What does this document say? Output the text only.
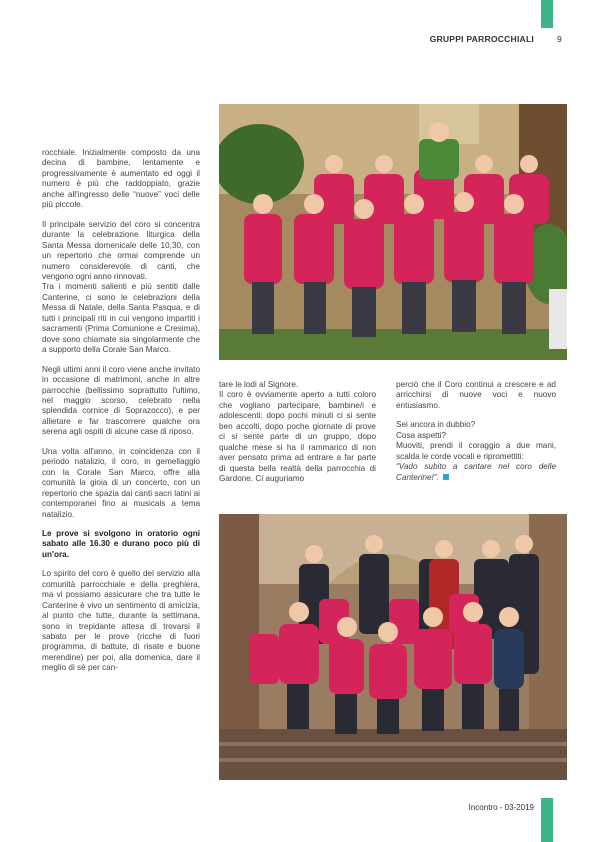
GRUPPI PARROCCHIALI	9

rocchiale. Inizialmente composto da una decina di bambine, lentamente e progressivamente è aumentato ed oggi il numero è più che raddoppiato, grazie anche all'ingresso delle “nuove” voci delle più piccole.

Il principale servizio del coro si concentra durante la celebrazione liturgica della Santa Messa domenicale delle 10,30, con un repertorio che ormai comprende un numero considerevole di canti, che vengono ogni anno rinnovati.

Tra i momenti salienti e più sentiti dalle Canterine, ci sono le celebrazioni della Messa di Natale, della Santa Pasqua, e di tutti i principali riti in cui vengono impartiti i sacramenti (Prima Comunione e Cresima), dove sono chiamate sia singolarmente che a supporto della Corale San Marco.

Negli ultimi anni il coro viene anche invitato in occasione di matrimoni, anche in altre parrocchie (bellissimo soprattutto l'ultimo, nel maggio scorso, celebrato nella splendida cornice di Soprazocco), e per allietare e far trascorrere qualche ora serena agli ospiti di alcune case di riposo.

Una volta all'anno, in coincidenza con il periodo natalizio, il coro, in gemellaggio con la Corale San Marco, offre alla comunità la gioia di un concerto, con un repertorio che spazia dai canti sacri latini ai contemporanei fino ai musicals a tema natalizio.

Le prove si svolgono in oratorio ogni sabato alle 16.30 e durano poco più di un'ora.

Lo spirito del coro è quello del servizio alla comunità parrocchiale e della preghiera, ma vi possiamo assicurare che tra tutte le Canterine è vivo un sentimento di amicizia, al punto che tutte, durante la settimana, sono in trepidante attesa di trovarsi il sabato per le prove (ricche di fuori programma, di battute, di risate e buone merendine) per poi, alla domenica, dare il meglio di sé per can-

tare le lodi al Signore.

Il coro è ovviamente aperto a tutti coloro che vogliano partecipare, bambine/i e adolescenti: dopo pochi minuti ci si sente ben accolti, dopo poche giornate di prove ci si sente parte di un gruppo, dopo qualche mese si ha il rammarico di non aver pensato prima ad entrare a far parte di questa bella realtà della parrocchia di Gardone. Ci auguriamo

perciò che il Coro continui a crescere e ad arricchirsi di nuove voci e nuovo entusiasmo.

Sei ancora in dubbio?

Cosa aspetti?

Muoviti, prendi il coraggio a due mani, scalda le corde vocali e ripromettiti:

“Vado subito a cantare nel coro delle Canterine!”.

Incontro - 03-2019
